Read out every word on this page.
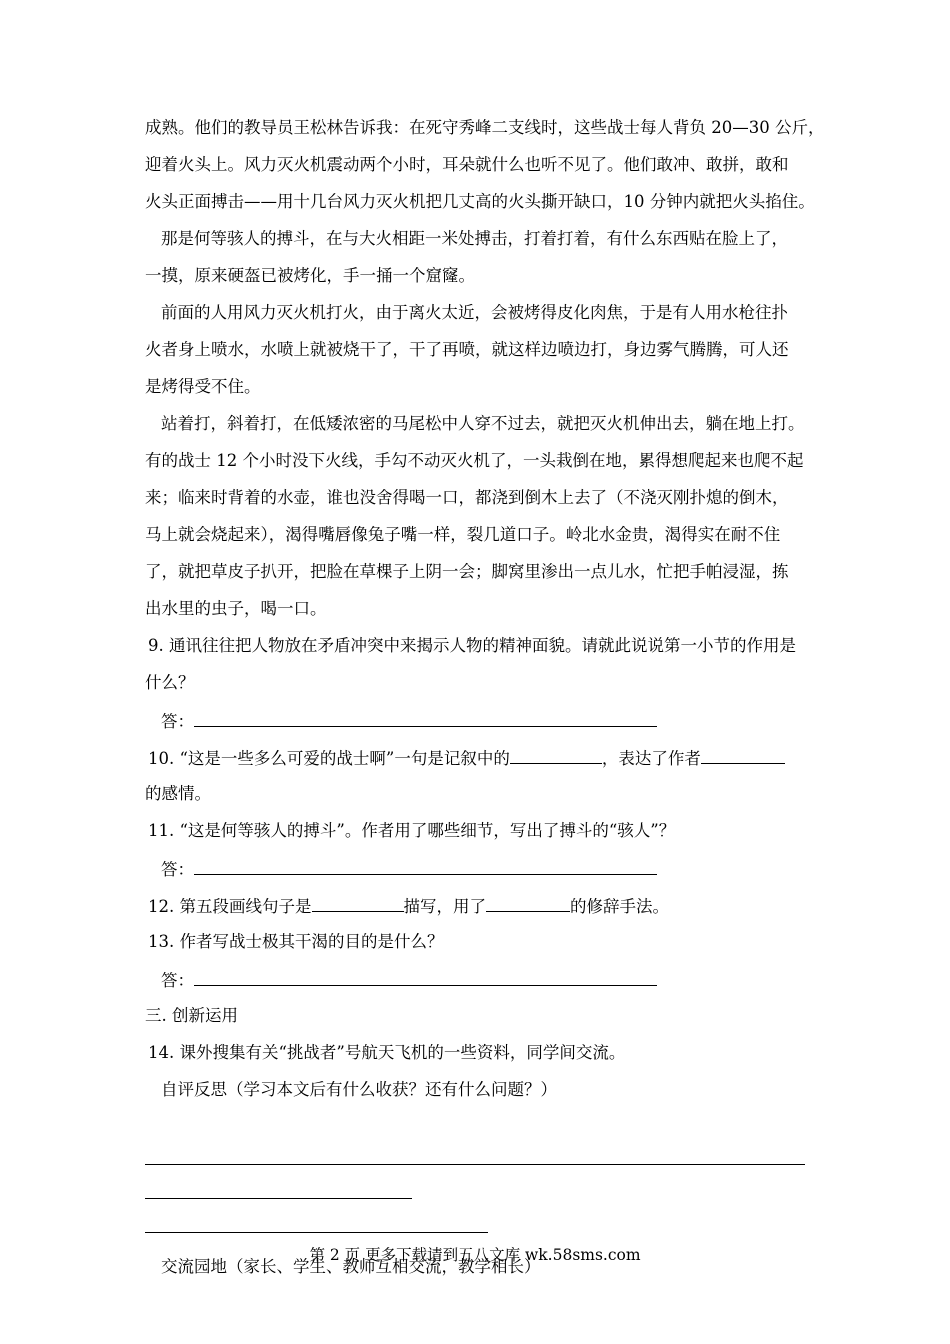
成熟。他们的教导员王松林告诉我：在死守秀峰二支线时，这些战士每人背负 20—30 公斤，
迎着火头上。风力灭火机震动两个小时，耳朵就什么也听不见了。他们敢冲、敢拼，敢和
火头正面搏击——用十几台风力灭火机把几丈高的火头撕开缺口，10 分钟内就把火头掐住。
那是何等骇人的搏斗，在与大火相距一米处搏击，打着打着，有什么东西贴在脸上了，
一摸，原来硬盔已被烤化，手一捅一个窟窿。
前面的人用风力灭火机打火，由于离火太近，会被烤得皮化肉焦，于是有人用水枪往扑
火者身上喷水，水喷上就被烧干了，干了再喷，就这样边喷边打，身边雾气腾腾，可人还
是烤得受不住。
站着打，斜着打，在低矮浓密的马尾松中人穿不过去，就把灭火机伸出去，躺在地上打。
有的战士 12 个小时没下火线，手勾不动灭火机了，一头栽倒在地，累得想爬起来也爬不起
来；临来时背着的水壶，谁也没舍得喝一口，都浇到倒木上去了（不浇灭刚扑熄的倒木，
马上就会烧起来），渴得嘴唇像兔子嘴一样，裂几道口子。岭北水金贵，渴得实在耐不住
了，就把草皮子扒开，把脸在草棵子上阴一会；脚窝里渗出一点儿水，忙把手帕浸湿，拣
出水里的虫子，喝一口。
9. 通讯往往把人物放在矛盾冲突中来揭示人物的精神面貌。请就此说说第一小节的作用是
什么？
答：
10. “这是一些多么可爱的战士啊”一句是记叙中的	，表达了作者
的感情。
11. “这是何等骇人的搏斗”。作者用了哪些细节，写出了搏斗的“骇人”？
答：
12. 第五段画线句子是	描写，用了	的修辞手法。
13. 作者写战士极其干渴的目的是什么？
答：
三. 创新运用
14. 课外搜集有关“挑战者”号航天飞机的一些资料，同学间交流。
自评反思（学习本文后有什么收获？还有什么问题？）
交流园地（家长、学生、教师互相交流，教学相长）
第 2 页 更多下载请到五八文库 wk.58sms.com
